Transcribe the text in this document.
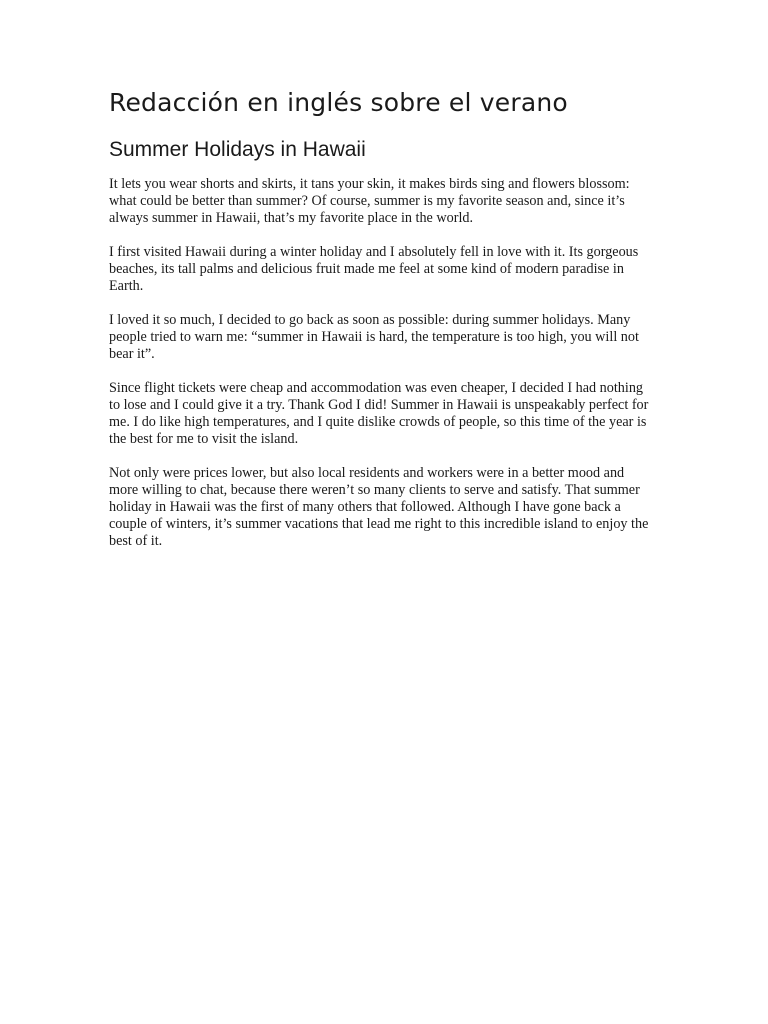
Redacción en inglés sobre el verano
Summer Holidays in Hawaii

It lets you wear shorts and skirts, it tans your skin, it makes birds sing and flowers blossom: what could be better than summer? Of course, summer is my favorite season and, since it’s always summer in Hawaii, that’s my favorite place in the world.

I first visited Hawaii during a winter holiday and I absolutely fell in love with it. Its gorgeous beaches, its tall palms and delicious fruit made me feel at some kind of modern paradise in Earth.

I loved it so much, I decided to go back as soon as possible: during summer holidays. Many people tried to warn me: “summer in Hawaii is hard, the temperature is too high, you will not bear it”.

Since flight tickets were cheap and accommodation was even cheaper, I decided I had nothing to lose and I could give it a try. Thank God I did! Summer in Hawaii is unspeakably perfect for me. I do like high temperatures, and I quite dislike crowds of people, so this time of the year is the best for me to visit the island.

Not only were prices lower, but also local residents and workers were in a better mood and more willing to chat, because there weren’t so many clients to serve and satisfy. That summer holiday in Hawaii was the first of many others that followed. Although I have gone back a couple of winters, it’s summer vacations that lead me right to this incredible island to enjoy the best of it.
